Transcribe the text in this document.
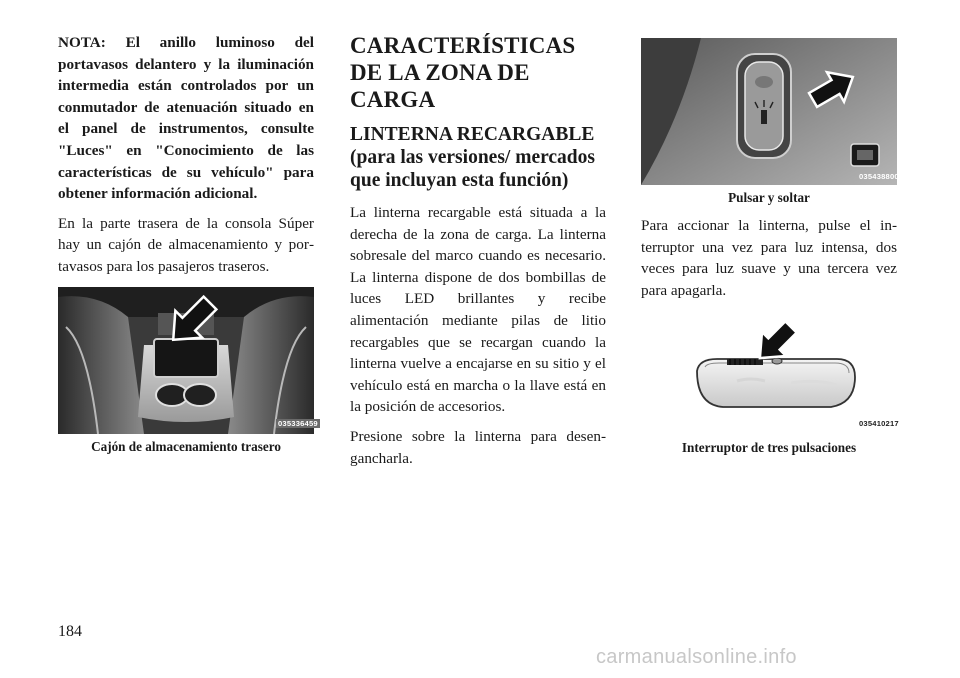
NOTA: El anillo luminoso del portavasos delantero y la iluminación intermedia están controlados por un conmutador de atenuación situado en el panel de instrumentos, consulte "Luces" en "Conocimiento de las características de su vehículo" para obtener información adicional.

En la parte trasera de la consola Súper hay un cajón de almacenamiento y portavasos para los pasajeros traseros.

035336459

Cajón de almacenamiento trasero

CARACTERÍSTICAS DE LA ZONA DE CARGA
LINTERNA RECARGABLE (para las versiones/ mercados que incluyan esta función)

La linterna recargable está situada a la derecha de la zona de carga. La linterna sobresale del marco cuando es necesario. La linterna dispone de dos bombillas de luces LED brillantes y recibe alimentación mediante pilas de litio recargables que se recargan cuando la linterna vuelve a encajarse en su sitio y el vehículo está en marcha o la llave está en la posición de accesorios.

Presione sobre la linterna para desengancharla.

035438800

Pulsar y soltar

Para accionar la linterna, pulse el interruptor una vez para luz intensa, dos veces para luz suave y una tercera vez para apagarla.

035410217

Interruptor de tres pulsaciones

184
carmanualsonline.info
